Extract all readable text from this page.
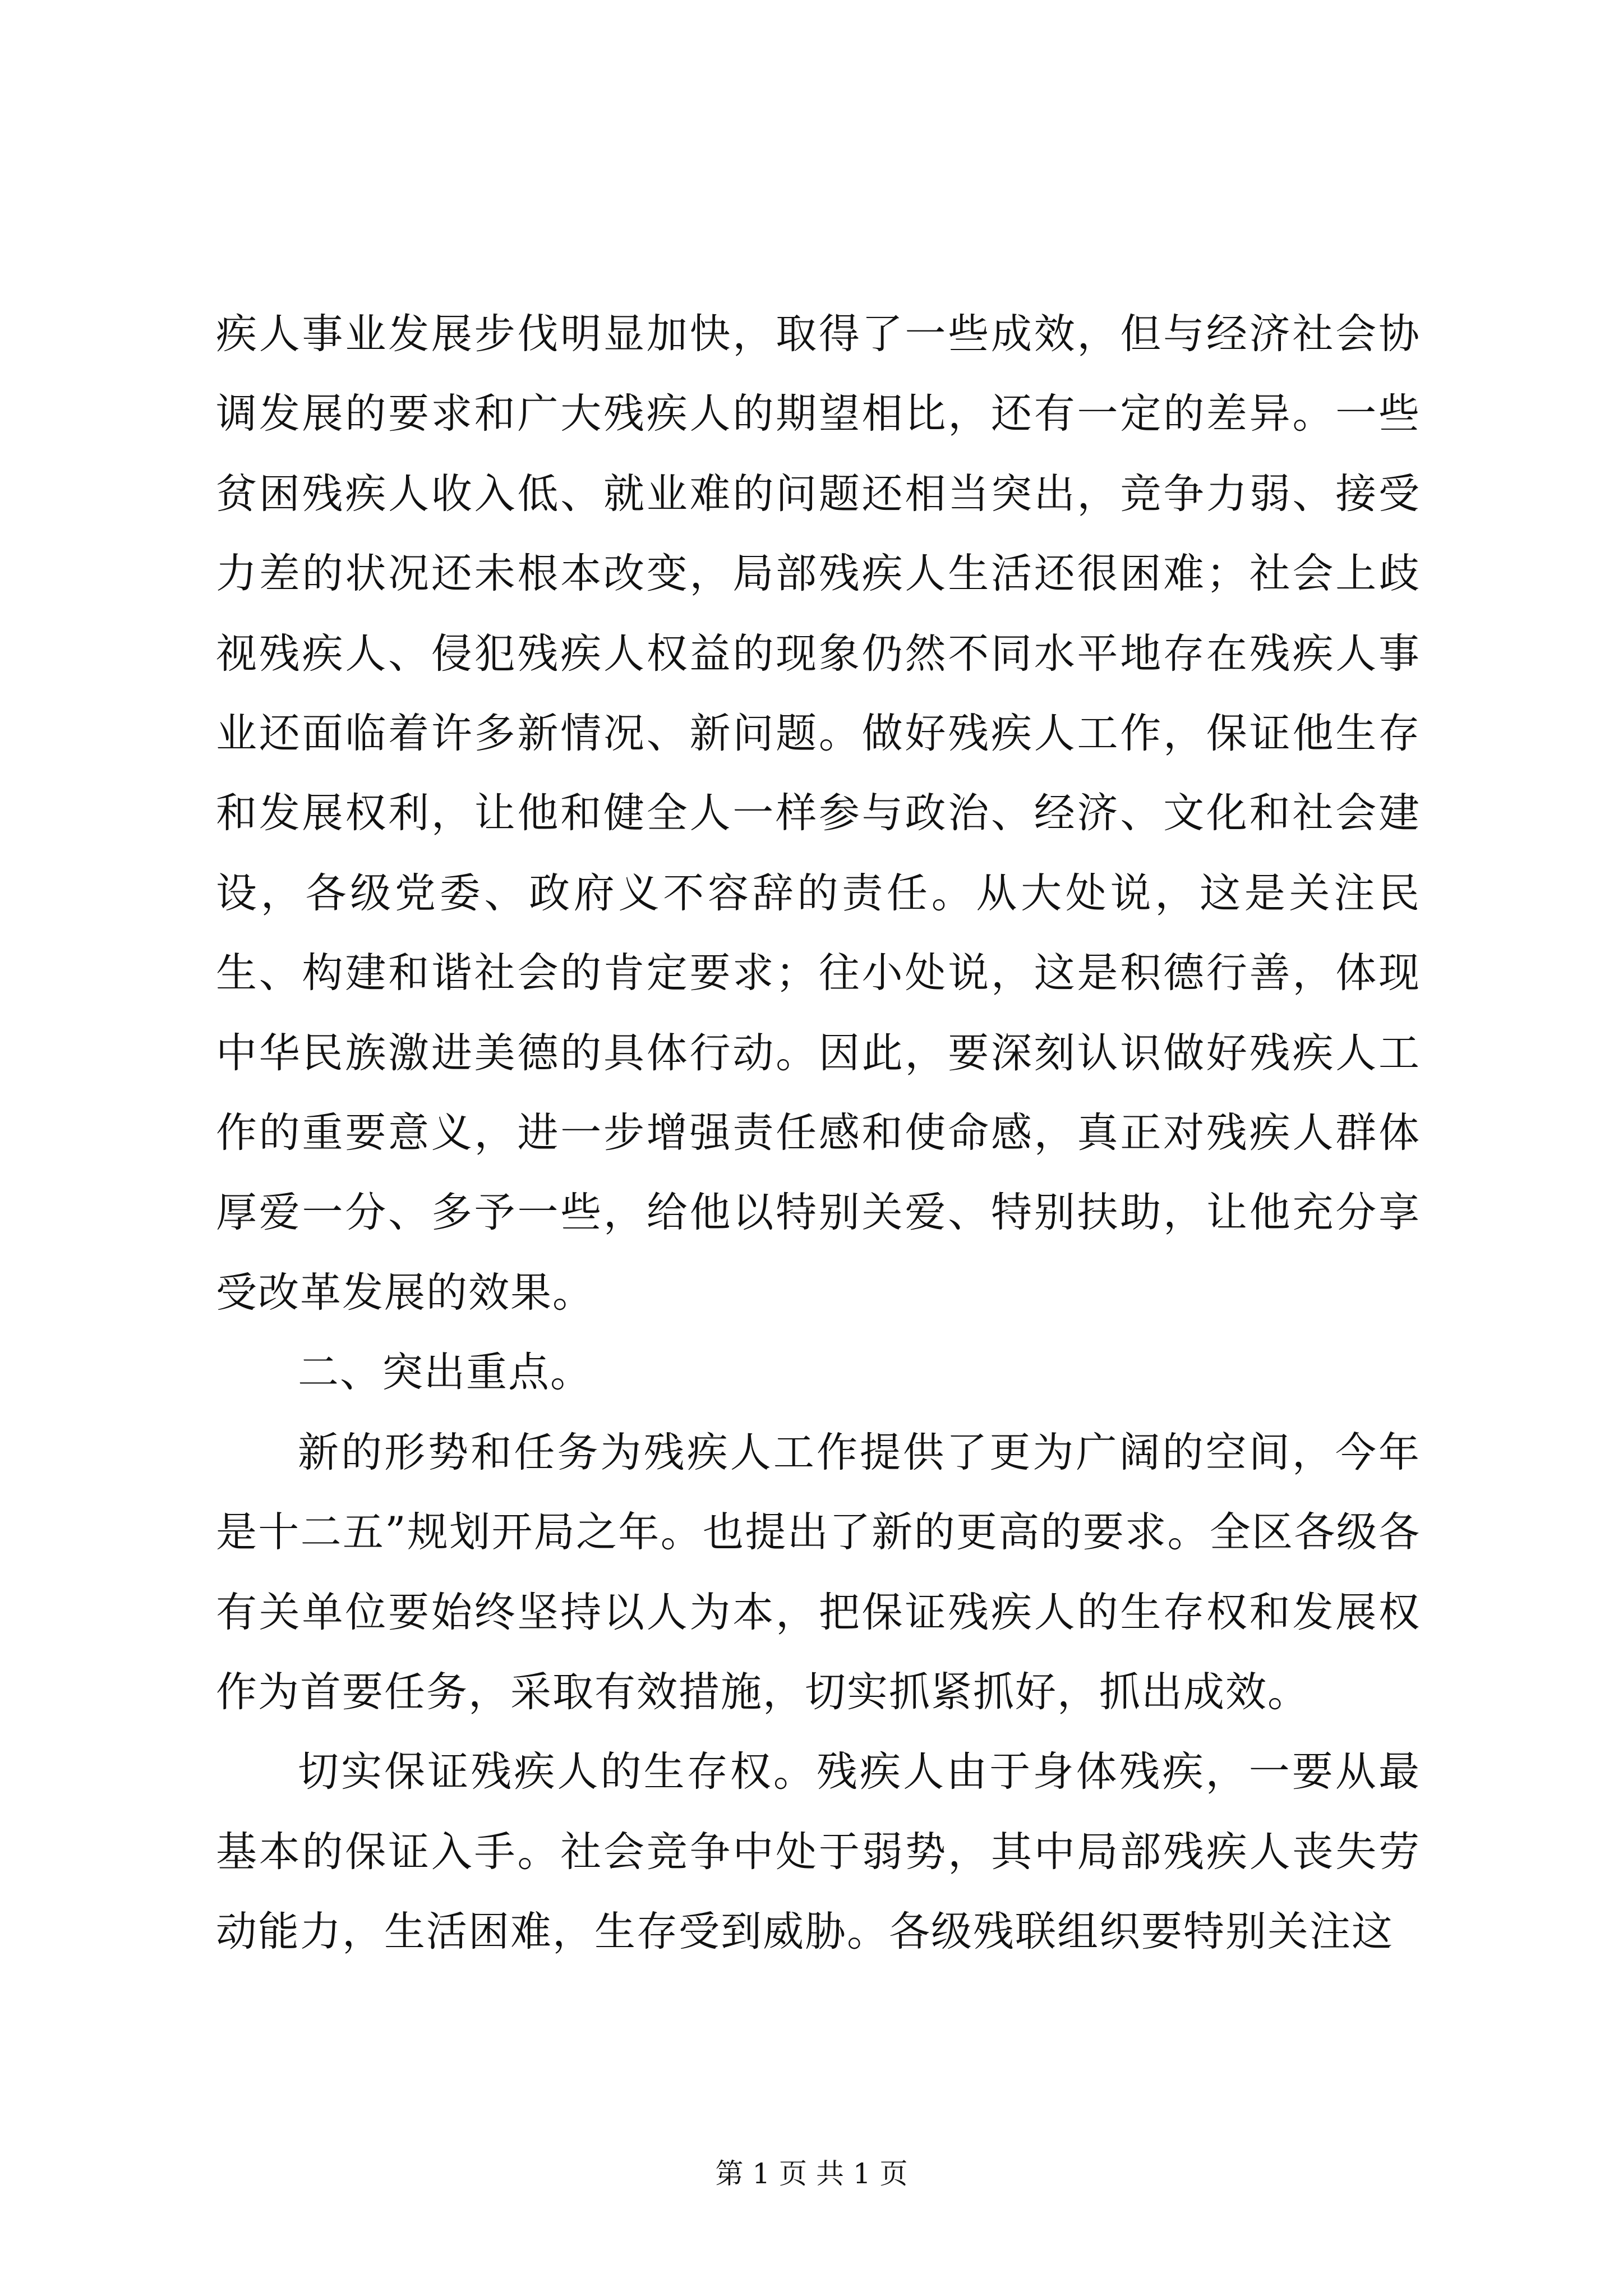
疾人事业发展步伐明显加快，取得了一些成效，但与经济社会协调发展的要求和广大残疾人的期望相比，还有一定的差异。一些贫困残疾人收入低、就业难的问题还相当突出，竞争力弱、接受力差的状况还未根本改变，局部残疾人生活还很困难；社会上歧视残疾人、侵犯残疾人权益的现象仍然不同水平地存在残疾人事业还面临着许多新情况、新问题。做好残疾人工作，保证他生存和发展权利，让他和健全人一样参与政治、经济、文化和社会建设，各级党委、政府义不容辞的责任。从大处说，这是关注民生、构建和谐社会的肯定要求；往小处说，这是积德行善，体现中华民族激进美德的具体行动。因此，要深刻认识做好残疾人工作的重要意义，进一步增强责任感和使命感，真正对残疾人群体厚爱一分、多予一些，给他以特别关爱、特别扶助，让他充分享受改革发展的效果。

二、突出重点。

新的形势和任务为残疾人工作提供了更为广阔的空间，今年是十二五”规划开局之年。也提出了新的更高的要求。全区各级各有关单位要始终坚持以人为本，把保证残疾人的生存权和发展权作为首要任务，采取有效措施，切实抓紧抓好，抓出成效。

切实保证残疾人的生存权。残疾人由于身体残疾，一要从最基本的保证入手。社会竞争中处于弱势，其中局部残疾人丧失劳动能力，生活困难，生存受到威胁。各级残联组织要特别关注这

第 1 页 共 1 页
